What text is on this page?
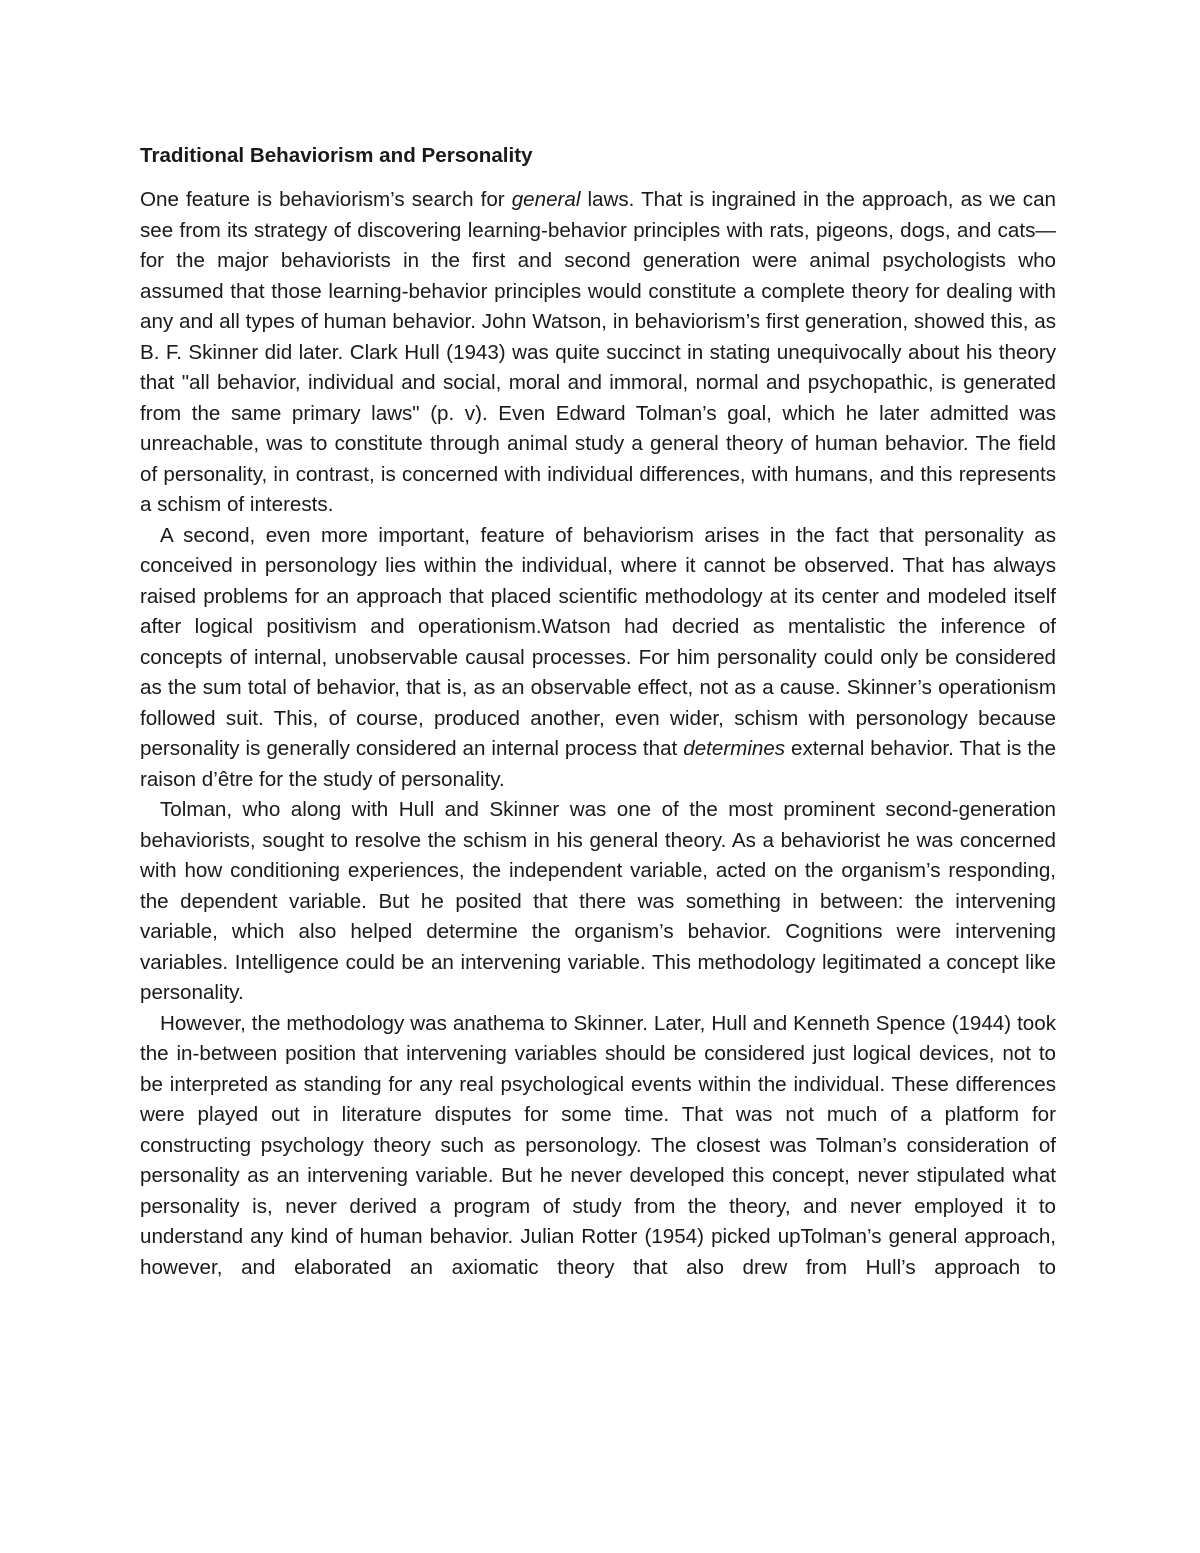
Traditional Behaviorism and Personality

One feature is behaviorism’s search for general laws. That is ingrained in the approach, as we can see from its strategy of discovering learning-behavior principles with rats, pigeons, dogs, and cats—for the major behaviorists in the first and second generation were animal psychologists who assumed that those learning-behavior principles would constitute a complete theory for dealing with any and all types of human behavior. John Watson, in behaviorism’s first generation, showed this, as B. F. Skinner did later. Clark Hull (1943) was quite succinct in stating unequivocally about his theory that "all behavior, individual and social, moral and immoral, normal and psychopathic, is generated from the same primary laws" (p. v). Even Edward Tolman’s goal, which he later admitted was unreachable, was to constitute through animal study a general theory of human behavior. The field of personality, in contrast, is concerned with individual differences, with humans, and this represents a schism of interests.

A second, even more important, feature of behaviorism arises in the fact that personality as conceived in personology lies within the individual, where it cannot be observed. That has always raised problems for an approach that placed scientific methodology at its center and modeled itself after logical positivism and operationism.Watson had decried as mentalistic the inference of concepts of internal, unobservable causal processes. For him personality could only be considered as the sum total of behavior, that is, as an observable effect, not as a cause. Skinner’s operationism followed suit. This, of course, produced another, even wider, schism with personology because personality is generally considered an internal process that determines external behavior. That is the raison d’être for the study of personality.

Tolman, who along with Hull and Skinner was one of the most prominent second-generation behaviorists, sought to resolve the schism in his general theory. As a behaviorist he was concerned with how conditioning experiences, the independent variable, acted on the organism’s responding, the dependent variable. But he posited that there was something in between: the intervening variable, which also helped determine the organism’s behavior. Cognitions were intervening variables. Intelligence could be an intervening variable. This methodology legitimated a concept like personality.

However, the methodology was anathema to Skinner. Later, Hull and Kenneth Spence (1944) took the in-between position that intervening variables should be considered just logical devices, not to be interpreted as standing for any real psychological events within the individual. These differences were played out in literature disputes for some time. That was not much of a platform for constructing psychology theory such as personology. The closest was Tolman’s consideration of personality as an intervening variable. But he never developed this concept, never stipulated what personality is, never derived a program of study from the theory, and never employed it to understand any kind of human behavior. Julian Rotter (1954) picked upTolman’s general approach, however, and elaborated an axiomatic theory that also drew from Hull’s approach to
